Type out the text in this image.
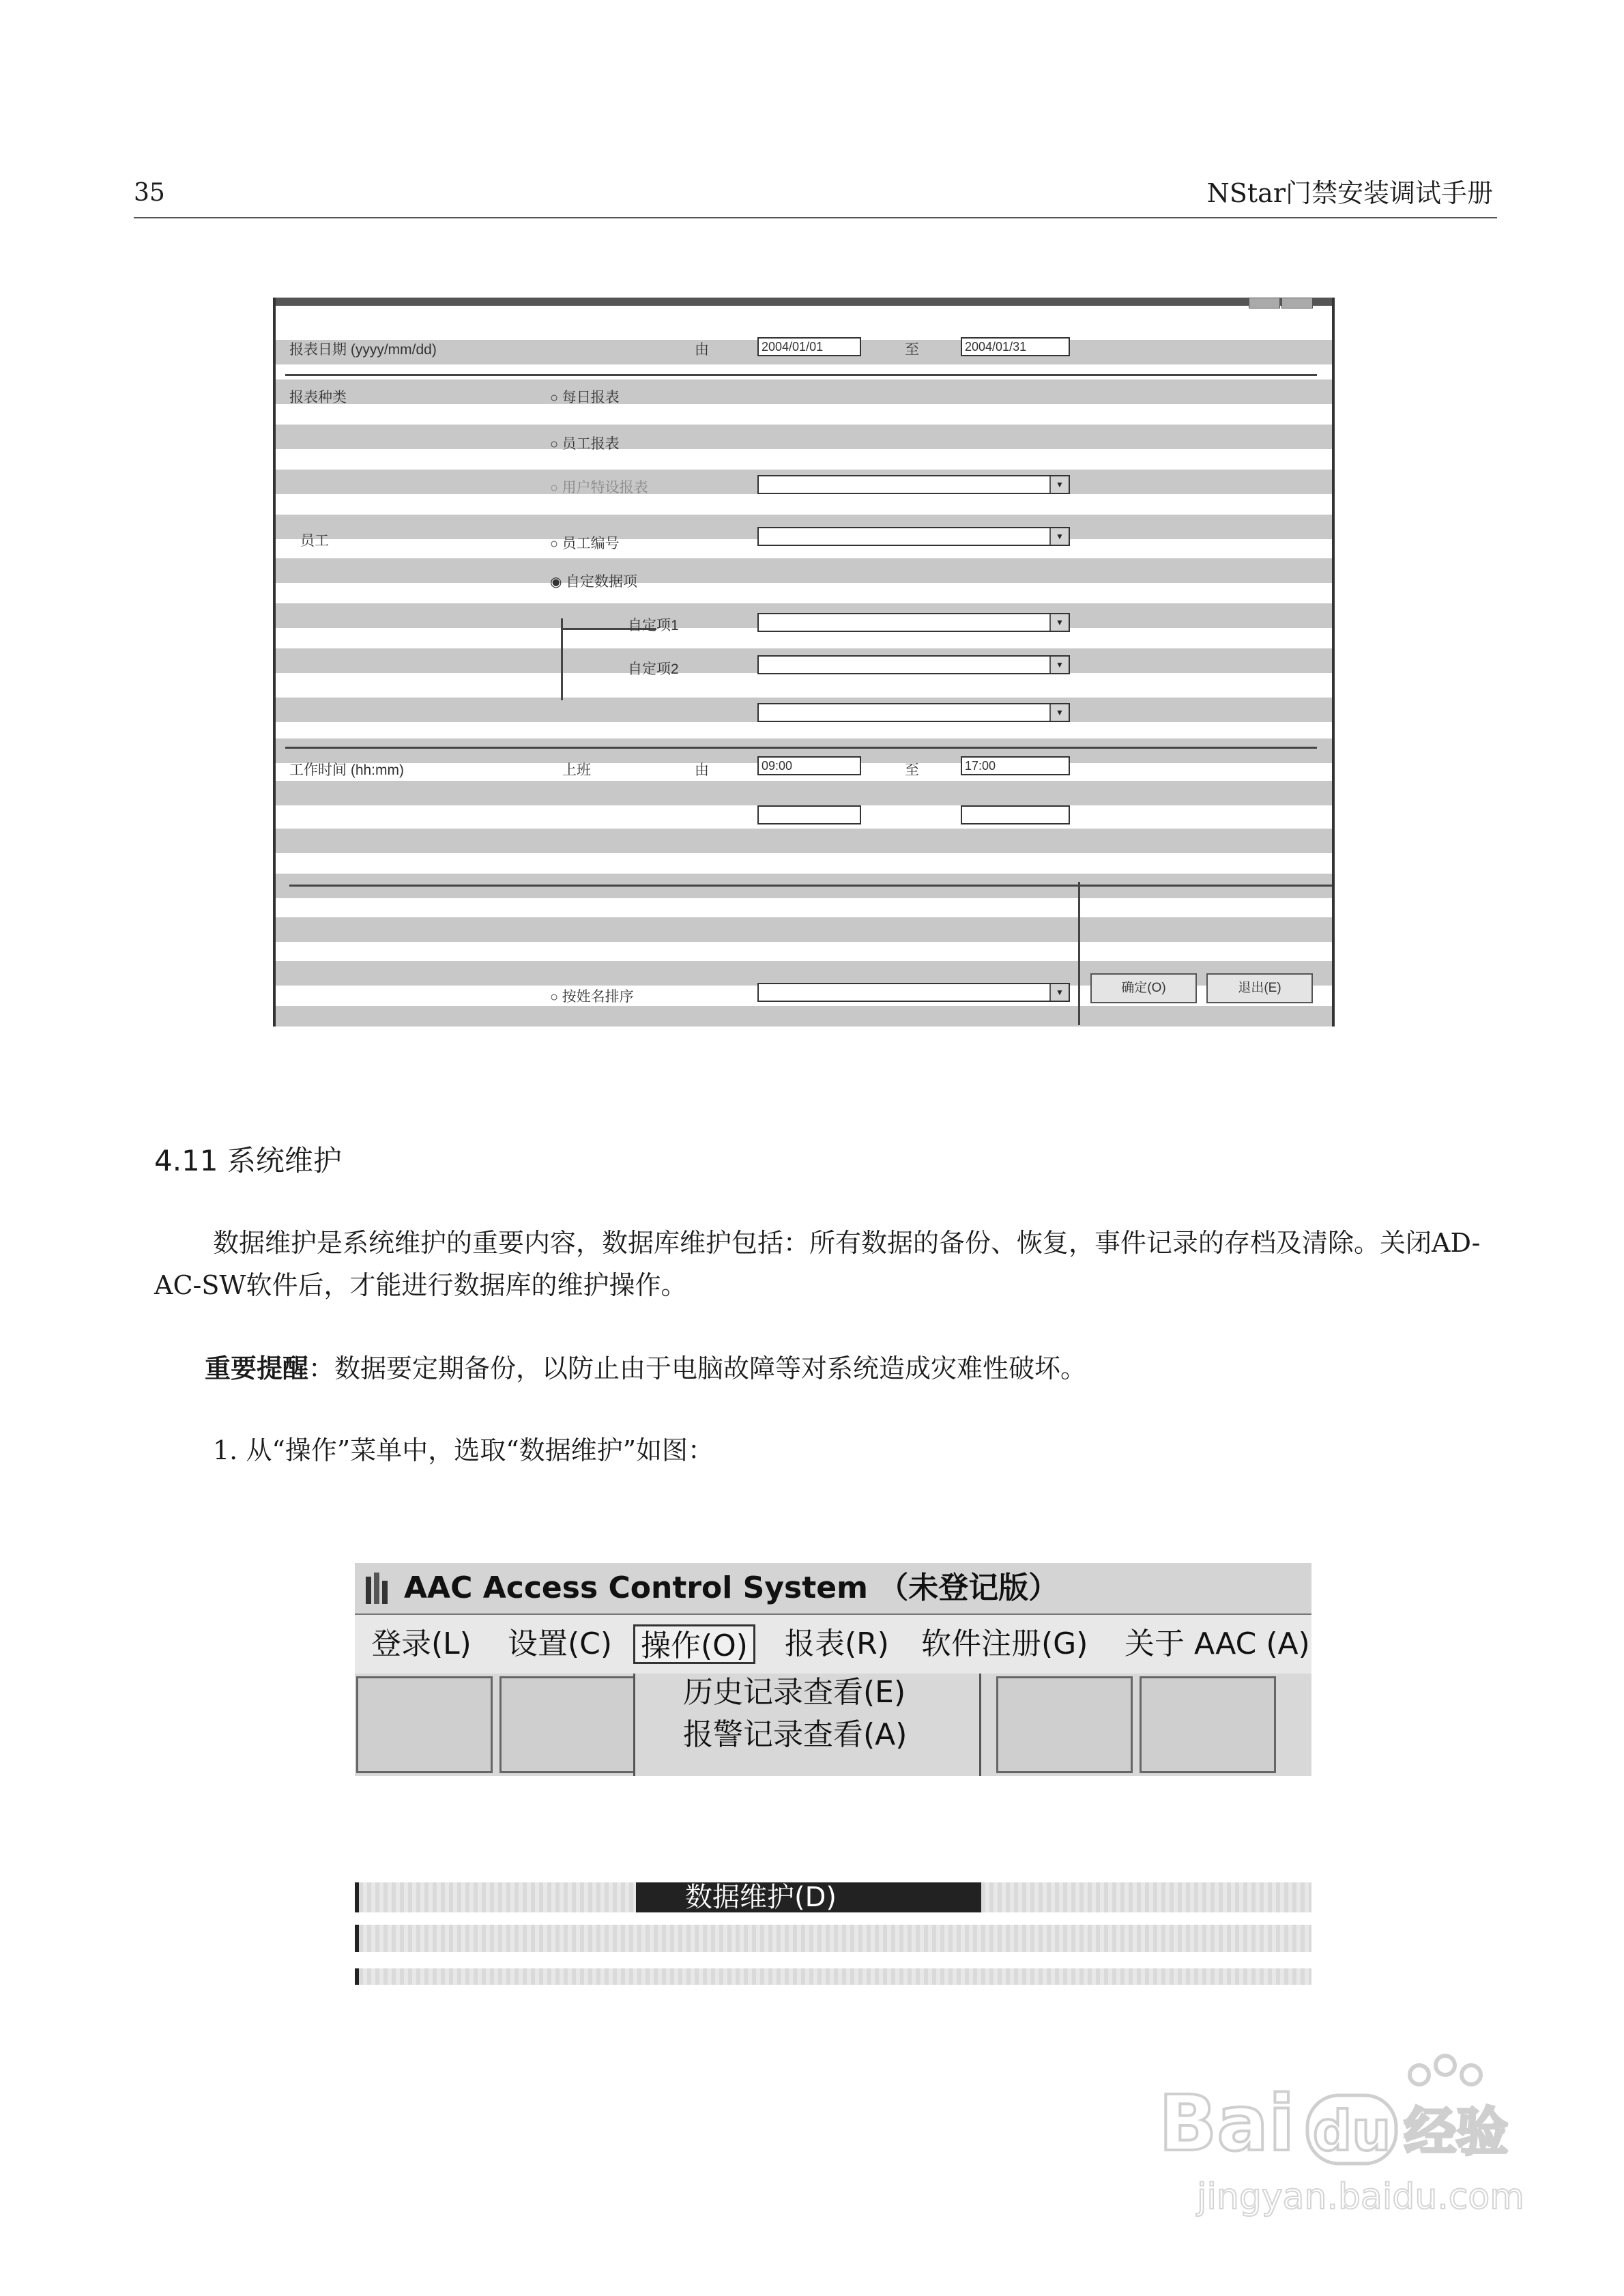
35	NStar门禁安装调试手册
报表日期 (yyyy/mm/dd)	由	2004/01/01	至	2004/01/31
报表种类	○ 每日报表
○ 员工报表
○ 用户特设报表	▼
员工	○ 员工编号	▼
◉ 自定数据项
自定项1	▼
自定项2	▼
▼
工作时间 (hh:mm)	上班	由	09:00	至	17:00
○ 按姓名排序	▼	确定(O)	退出(E)
4.11 系统维护
数据维护是系统维护的重要内容，数据库维护包括：所有数据的备份、恢复，事件记录的存档及清除。关闭AD-AC-SW软件后，才能进行数据库的维护操作。
重要提醒：数据要定期备份，以防止由于电脑故障等对系统造成灾难性破坏。
1. 从“操作”菜单中，选取“数据维护”如图：
AAC Access Control System （未登记版）
登录(L) 设置(C) 操作(O) 报表(R) 软件注册(G) 关于 AAC (A)
历史记录查看(E)
报警记录查看(A)
数据维护(D)
Bai du 经验
jingyan.baidu.com
